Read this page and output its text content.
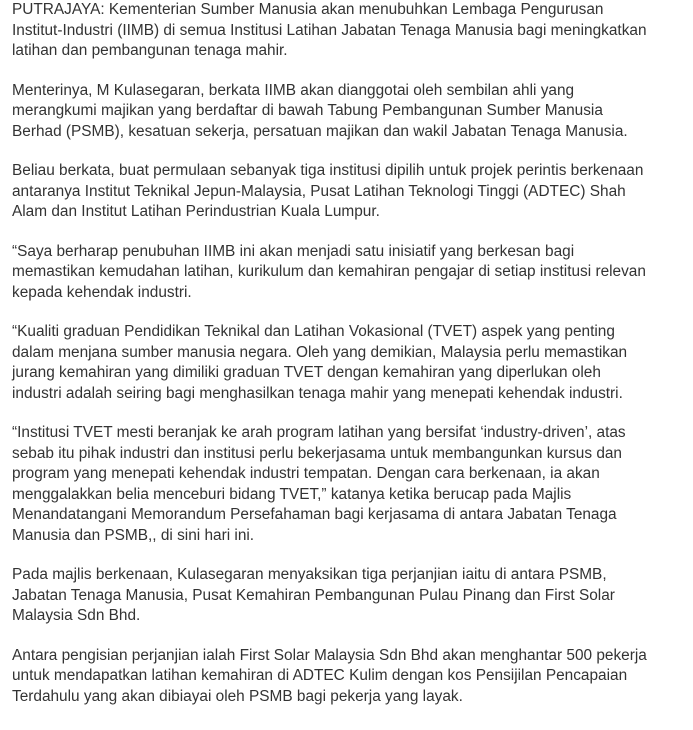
PUTRAJAYA: Kementerian Sumber Manusia akan menubuhkan Lembaga Pengurusan
Institut-Industri (IIMB) di semua Institusi Latihan Jabatan Tenaga Manusia bagi meningkatkan
latihan dan pembangunan tenaga mahir.

Menterinya, M Kulasegaran, berkata IIMB akan dianggotai oleh sembilan ahli yang
merangkumi majikan yang berdaftar di bawah Tabung Pembangunan Sumber Manusia
Berhad (PSMB), kesatuan sekerja, persatuan majikan dan wakil Jabatan Tenaga Manusia.

Beliau berkata, buat permulaan sebanyak tiga institusi dipilih untuk projek perintis berkenaan
antaranya Institut Teknikal Jepun-Malaysia, Pusat Latihan Teknologi Tinggi (ADTEC) Shah
Alam dan Institut Latihan Perindustrian Kuala Lumpur.

“Saya berharap penubuhan IIMB ini akan menjadi satu inisiatif yang berkesan bagi
memastikan kemudahan latihan, kurikulum dan kemahiran pengajar di setiap institusi relevan
kepada kehendak industri.

“Kualiti graduan Pendidikan Teknikal dan Latihan Vokasional (TVET) aspek yang penting
dalam menjana sumber manusia negara. Oleh yang demikian, Malaysia perlu memastikan
jurang kemahiran yang dimiliki graduan TVET dengan kemahiran yang diperlukan oleh
industri adalah seiring bagi menghasilkan tenaga mahir yang menepati kehendak industri.

“Institusi TVET mesti beranjak ke arah program latihan yang bersifat ‘industry-driven’, atas
sebab itu pihak industri dan institusi perlu bekerjasama untuk membangunkan kursus dan
program yang menepati kehendak industri tempatan. Dengan cara berkenaan, ia akan
menggalakkan belia menceburi bidang TVET,” katanya ketika berucap pada Majlis
Menandatangani Memorandum Persefahaman bagi kerjasama di antara Jabatan Tenaga
Manusia dan PSMB,, di sini hari ini.

Pada majlis berkenaan, Kulasegaran menyaksikan tiga perjanjian iaitu di antara PSMB,
Jabatan Tenaga Manusia, Pusat Kemahiran Pembangunan Pulau Pinang dan First Solar
Malaysia Sdn Bhd.

Antara pengisian perjanjian ialah First Solar Malaysia Sdn Bhd akan menghantar 500 pekerja
untuk mendapatkan latihan kemahiran di ADTEC Kulim dengan kos Pensijilan Pencapaian
Terdahulu yang akan dibiayai oleh PSMB bagi pekerja yang layak.
